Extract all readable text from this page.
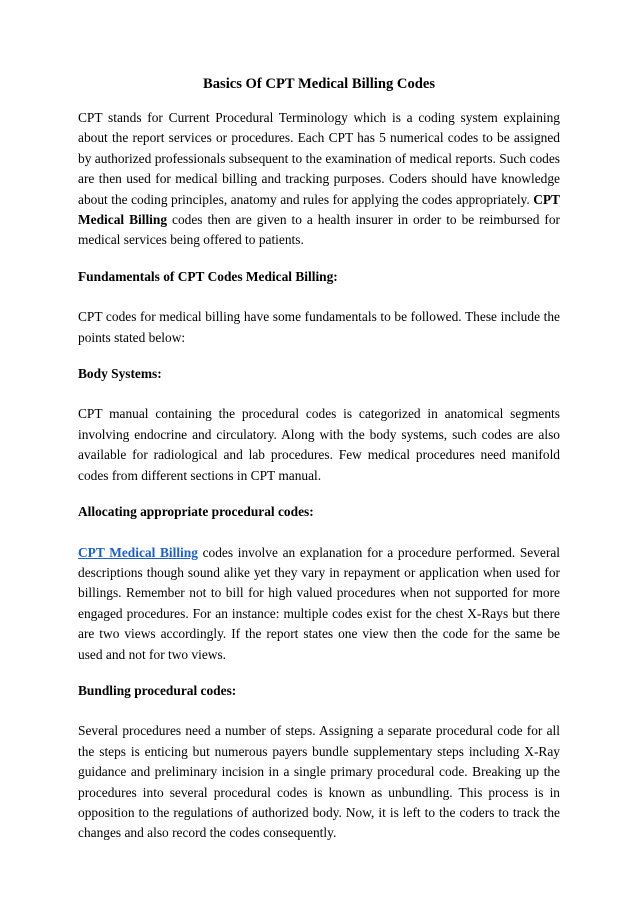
Basics Of CPT Medical Billing Codes

CPT stands for Current Procedural Terminology which is a coding system explaining about the report services or procedures. Each CPT has 5 numerical codes to be assigned by authorized professionals subsequent to the examination of medical reports. Such codes are then used for medical billing and tracking purposes. Coders should have knowledge about the coding principles, anatomy and rules for applying the codes appropriately. CPT Medical Billing codes then are given to a health insurer in order to be reimbursed for medical services being offered to patients.

Fundamentals of CPT Codes Medical Billing:

CPT codes for medical billing have some fundamentals to be followed. These include the points stated below:

Body Systems:

CPT manual containing the procedural codes is categorized in anatomical segments involving endocrine and circulatory. Along with the body systems, such codes are also available for radiological and lab procedures. Few medical procedures need manifold codes from different sections in CPT manual.

Allocating appropriate procedural codes:

CPT Medical Billing codes involve an explanation for a procedure performed. Several descriptions though sound alike yet they vary in repayment or application when used for billings. Remember not to bill for high valued procedures when not supported for more engaged procedures. For an instance: multiple codes exist for the chest X-Rays but there are two views accordingly. If the report states one view then the code for the same be used and not for two views.

Bundling procedural codes:

Several procedures need a number of steps. Assigning a separate procedural code for all the steps is enticing but numerous payers bundle supplementary steps including X-Ray guidance and preliminary incision in a single primary procedural code. Breaking up the procedures into several procedural codes is known as unbundling. This process is in opposition to the regulations of authorized body. Now, it is left to the coders to track the changes and also record the codes consequently.
